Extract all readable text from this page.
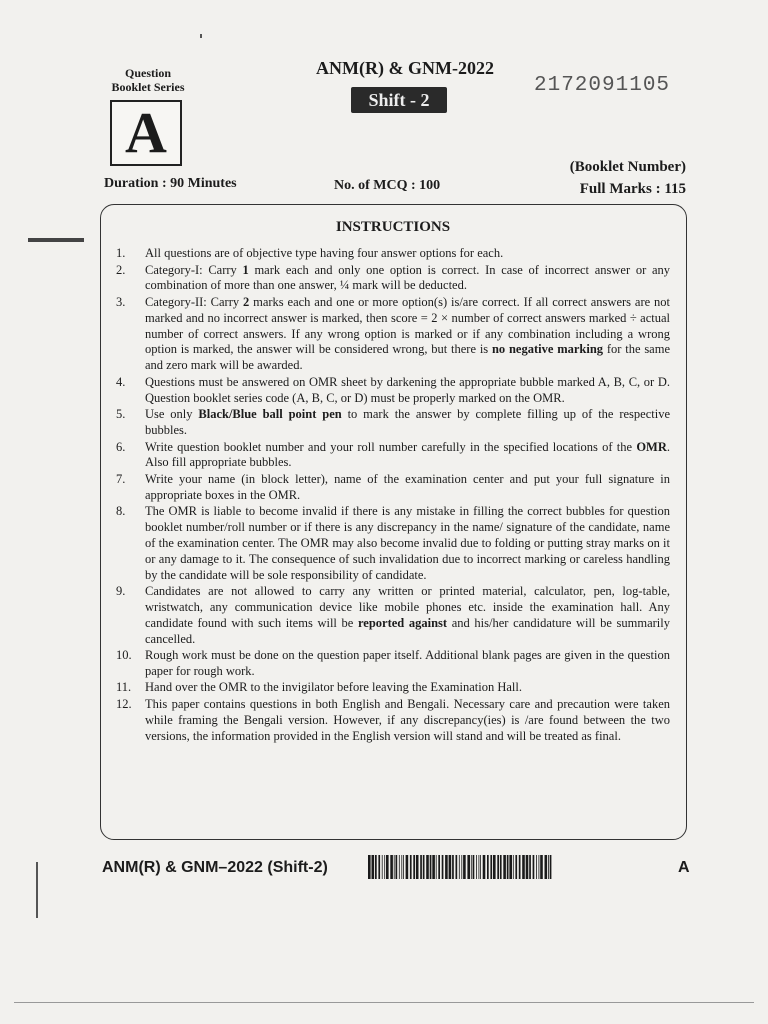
Question
Booklet Series
A
ANM(R) & GNM-2022
Shift - 2
2172091105
(Booklet Number)
Duration : 90 Minutes	No. of MCQ : 100	Full Marks : 115
INSTRUCTIONS
1.	All questions are of objective type having four answer options for each.
2.	Category-I: Carry 1 mark each and only one option is correct. In case of incorrect answer or any combination of more than one answer, ¼ mark will be deducted.
3.	Category-II: Carry 2 marks each and one or more option(s) is/are correct. If all correct answers are not marked and no incorrect answer is marked, then score = 2 × number of correct answers marked ÷ actual number of correct answers. If any wrong option is marked or if any combination including a wrong option is marked, the answer will be considered wrong, but there is no negative marking for the same and zero mark will be awarded.
4.	Questions must be answered on OMR sheet by darkening the appropriate bubble marked A, B, C, or D. Question booklet series code (A, B, C, or D) must be properly marked on the OMR.
5.	Use only Black/Blue ball point pen to mark the answer by complete filling up of the respective bubbles.
6.	Write question booklet number and your roll number carefully in the specified locations of the OMR. Also fill appropriate bubbles.
7.	Write your name (in block letter), name of the examination center and put your full signature in appropriate boxes in the OMR.
8.	The OMR is liable to become invalid if there is any mistake in filling the correct bubbles for question booklet number/roll number or if there is any discrepancy in the name/ signature of the candidate, name of the examination center. The OMR may also become invalid due to folding or putting stray marks on it or any damage to it. The consequence of such invalidation due to incorrect marking or careless handling by the candidate will be sole responsibility of candidate.
9.	Candidates are not allowed to carry any written or printed material, calculator, pen, log-table, wristwatch, any communication device like mobile phones etc. inside the examination hall. Any candidate found with such items will be reported against and his/her candidature will be summarily cancelled.
10.	Rough work must be done on the question paper itself. Additional blank pages are given in the question paper for rough work.
11.	Hand over the OMR to the invigilator before leaving the Examination Hall.
12.	This paper contains questions in both English and Bengali. Necessary care and precaution were taken while framing the Bengali version. However, if any discrepancy(ies) is /are found between the two versions, the information provided in the English version will stand and will be treated as final.
ANM(R) & GNM–2022 (Shift-2)	A
